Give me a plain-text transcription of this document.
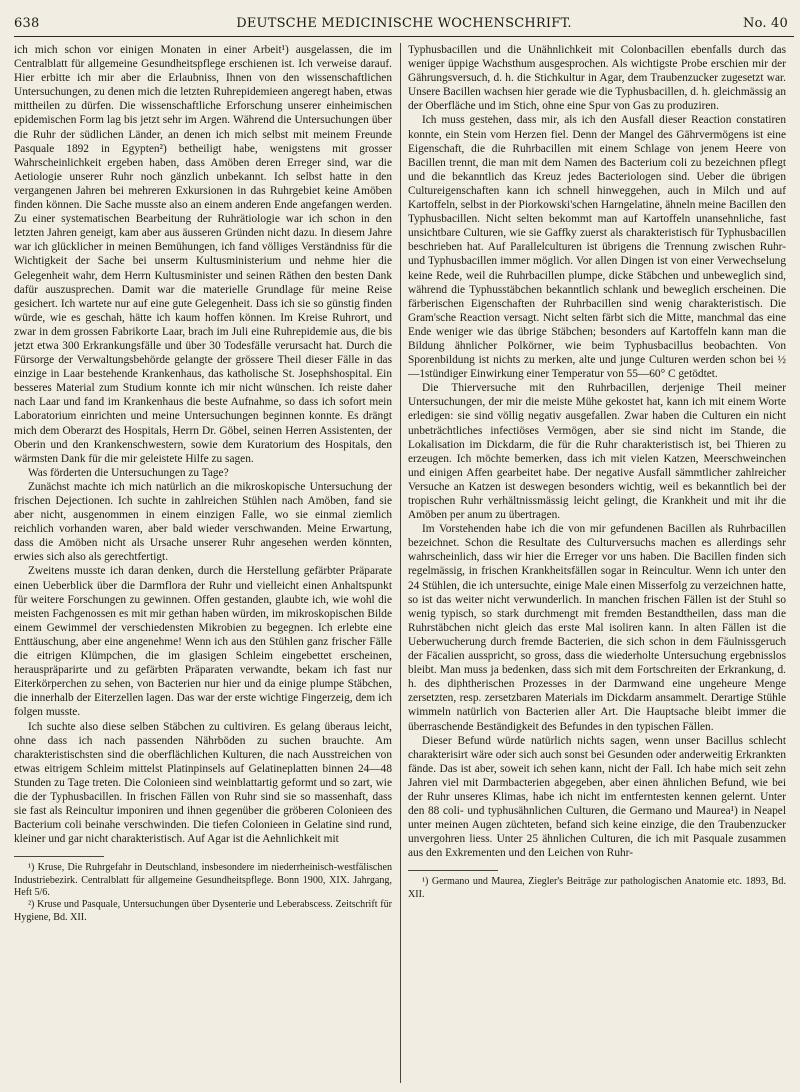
638	DEUTSCHE MEDICINISCHE WOCHENSCHRIFT.	No. 40

ich mich schon vor einigen Monaten in einer Arbeit¹) ausgelassen, die im Centralblatt für allgemeine Gesundheitspflege erschienen ist. Ich verweise darauf. Hier erbitte ich mir aber die Erlaubniss, Ihnen von den wissenschaftlichen Untersuchungen, zu denen mich die letzten Ruhrepidemieen angeregt haben, etwas mittheilen zu dürfen. Die wissenschaftliche Erforschung unserer einheimischen epidemischen Form lag bis jetzt sehr im Argen. Während die Untersuchungen über die Ruhr der südlichen Länder, an denen ich mich selbst mit meinem Freunde Pasquale 1892 in Egypten²) betheiligt habe, wenigstens mit grosser Wahrscheinlichkeit ergeben haben, dass Amöben deren Erreger sind, war die Aetiologie unserer Ruhr noch gänzlich unbekannt. Ich selbst hatte in den vergangenen Jahren bei mehreren Exkursionen in das Ruhrgebiet keine Amöben finden können. Die Sache musste also an einem anderen Ende angefangen werden. Zu einer systematischen Bearbeitung der Ruhrätiologie war ich schon in den letzten Jahren geneigt, kam aber aus äusseren Gründen nicht dazu. In diesem Jahre war ich glücklicher in meinen Bemühungen, ich fand völliges Verständniss für die Wichtigkeit der Sache bei unserm Kultusministerium und nehme hier die Gelegenheit wahr, dem Herrn Kultusminister und seinen Räthen den besten Dank dafür auszusprechen. Damit war die materielle Grundlage für meine Reise gesichert. Ich wartete nur auf eine gute Gelegenheit. Dass ich sie so günstig finden würde, wie es geschah, hätte ich kaum hoffen können. Im Kreise Ruhrort, und zwar in dem grossen Fabrikorte Laar, brach im Juli eine Ruhrepidemie aus, die bis jetzt etwa 300 Erkrankungsfälle und über 30 Todesfälle verursacht hat. Durch die Fürsorge der Verwaltungsbehörde gelangte der grössere Theil dieser Fälle in das einzige in Laar bestehende Krankenhaus, das katholische St. Josephshospital. Ein besseres Material zum Studium konnte ich mir nicht wünschen. Ich reiste daher nach Laar und fand im Krankenhaus die beste Aufnahme, so dass ich sofort mein Laboratorium einrichten und meine Untersuchungen beginnen konnte. Es drängt mich dem Oberarzt des Hospitals, Herrn Dr. Göbel, seinen Herren Assistenten, der Oberin und den Krankenschwestern, sowie dem Kuratorium des Hospitals, den wärmsten Dank für die mir geleistete Hilfe zu sagen.

Was förderten die Untersuchungen zu Tage?

Zunächst machte ich mich natürlich an die mikroskopische Untersuchung der frischen Dejectionen. Ich suchte in zahlreichen Stühlen nach Amöben, fand sie aber nicht, ausgenommen in einem einzigen Falle, wo sie einmal ziemlich reichlich vorhanden waren, aber bald wieder verschwanden. Meine Erwartung, dass die Amöben nicht als Ursache unserer Ruhr angesehen werden könnten, erwies sich also als gerechtfertigt.

Zweitens musste ich daran denken, durch die Herstellung gefärbter Präparate einen Ueberblick über die Darmflora der Ruhr und vielleicht einen Anhaltspunkt für weitere Forschungen zu gewinnen. Offen gestanden, glaubte ich, wie wohl die meisten Fachgenossen es mit mir gethan haben würden, im mikroskopischen Bilde einem Gewimmel der verschiedensten Mikrobien zu begegnen. Ich erlebte eine Enttäuschung, aber eine angenehme! Wenn ich aus den Stühlen ganz frischer Fälle die eitrigen Klümpchen, die im glasigen Schleim eingebettet erscheinen, herauspräparirte und zu gefärbten Präparaten verwandte, bekam ich fast nur Eiterkörperchen zu sehen, von Bacterien nur hier und da einige plumpe Stäbchen, die innerhalb der Eiterzellen lagen. Das war der erste wichtige Fingerzeig, dem ich folgen musste.

Ich suchte also diese selben Stäbchen zu cultiviren. Es gelang überaus leicht, ohne dass ich nach passenden Nährböden zu suchen brauchte. Am charakteristischsten sind die oberflächlichen Kulturen, die nach Ausstreichen von etwas eitrigem Schleim mittelst Platinpinsels auf Gelatineplatten binnen 24—48 Stunden zu Tage treten. Die Colonieen sind weinblattartig geformt und so zart, wie die der Typhusbacillen. In frischen Fällen von Ruhr sind sie so massenhaft, dass sie fast als Reincultur imponiren und ihnen gegenüber die gröberen Colonieen des Bacterium coli beinahe verschwinden. Die tiefen Colonieen in Gelatine sind rund, kleiner und gar nicht charakteristisch. Auf Agar ist die Aehnlichkeit mit

¹) Kruse, Die Ruhrgefahr in Deutschland, insbesondere im niederrheinisch-westfälischen Industriebezirk. Centralblatt für allgemeine Gesundheitspflege. Bonn 1900, XIX. Jahrgang, Heft 5/6.

²) Kruse und Pasquale, Untersuchungen über Dysenterie und Leberabscess. Zeitschrift für Hygiene, Bd. XII.

Typhusbacillen und die Unähnlichkeit mit Colonbacillen ebenfalls durch das weniger üppige Wachsthum ausgesprochen. Als wichtigste Probe erschien mir der Gährungsversuch, d. h. die Stichkultur in Agar, dem Traubenzucker zugesetzt war. Unsere Bacillen wachsen hier gerade wie die Typhusbacillen, d. h. gleichmässig an der Oberfläche und im Stich, ohne eine Spur von Gas zu produziren.

Ich muss gestehen, dass mir, als ich den Ausfall dieser Reaction constatiren konnte, ein Stein vom Herzen fiel. Denn der Mangel des Gährvermögens ist eine Eigenschaft, die die Ruhrbacillen mit einem Schlage von jenem Heere von Bacillen trennt, die man mit dem Namen des Bacterium coli zu bezeichnen pflegt und die bekanntlich das Kreuz jedes Bacteriologen sind. Ueber die übrigen Cultureigenschaften kann ich schnell hinweggehen, auch in Milch und auf Kartoffeln, selbst in der Piorkowski'schen Harngelatine, ähneln meine Bacillen den Typhusbacillen. Nicht selten bekommt man auf Kartoffeln unansehnliche, fast unsichtbare Culturen, wie sie Gaffky zuerst als charakteristisch für Typhusbacillen beschrieben hat. Auf Parallelculturen ist übrigens die Trennung zwischen Ruhr- und Typhusbacillen immer möglich. Vor allen Dingen ist von einer Verwechselung keine Rede, weil die Ruhrbacillen plumpe, dicke Stäbchen und unbeweglich sind, während die Typhusstäbchen bekanntlich schlank und beweglich erscheinen. Die färberischen Eigenschaften der Ruhrbacillen sind wenig charakteristisch. Die Gram'sche Reaction versagt. Nicht selten färbt sich die Mitte, manchmal das eine Ende weniger wie das übrige Stäbchen; besonders auf Kartoffeln kann man die Bildung ähnlicher Polkörner, wie beim Typhusbacillus beobachten. Von Sporenbildung ist nichts zu merken, alte und junge Culturen werden schon bei ½—1stündiger Einwirkung einer Temperatur von 55—60° C getödtet.

Die Thierversuche mit den Ruhrbacillen, derjenige Theil meiner Untersuchungen, der mir die meiste Mühe gekostet hat, kann ich mit einem Worte erledigen: sie sind völlig negativ ausgefallen. Zwar haben die Culturen ein nicht unbeträchtliches infectiöses Vermögen, aber sie sind nicht im Stande, die Lokalisation im Dickdarm, die für die Ruhr charakteristisch ist, bei Thieren zu erzeugen. Ich möchte bemerken, dass ich mit vielen Katzen, Meerschweinchen und einigen Affen gearbeitet habe. Der negative Ausfall sämmtlicher zahlreicher Versuche an Katzen ist deswegen besonders wichtig, weil es bekanntlich bei der tropischen Ruhr verhältnissmässig leicht gelingt, die Krankheit und mit ihr die Amöben per anum zu übertragen.

Im Vorstehenden habe ich die von mir gefundenen Bacillen als Ruhrbacillen bezeichnet. Schon die Resultate des Culturversuchs machen es allerdings sehr wahrscheinlich, dass wir hier die Erreger vor uns haben. Die Bacillen finden sich regelmässig, in frischen Krankheitsfällen sogar in Reincultur. Wenn ich unter den 24 Stühlen, die ich untersuchte, einige Male einen Misserfolg zu verzeichnen hatte, so ist das weiter nicht verwunderlich. In manchen frischen Fällen ist der Stuhl so wenig typisch, so stark durchmengt mit fremden Bestandtheilen, dass man die Ruhrstäbchen nicht gleich das erste Mal isoliren kann. In alten Fällen ist die Ueberwucherung durch fremde Bacterien, die sich schon in dem Fäulnissgeruch der Fäcalien ausspricht, so gross, dass die wiederholte Untersuchung ergebnisslos bleibt. Man muss ja bedenken, dass sich mit dem Fortschreiten der Erkrankung, d. h. des diphtherischen Prozesses in der Darmwand eine ungeheure Menge zersetzten, resp. zersetzbaren Materials im Dickdarm ansammelt. Derartige Stühle wimmeln natürlich von Bacterien aller Art. Die Hauptsache bleibt immer die überraschende Beständigkeit des Befundes in den typischen Fällen.

Dieser Befund würde natürlich nichts sagen, wenn unser Bacillus schlecht charakterisirt wäre oder sich auch sonst bei Gesunden oder anderweitig Erkrankten fände. Das ist aber, soweit ich sehen kann, nicht der Fall. Ich habe mich seit zehn Jahren viel mit Darmbacterien abgegeben, aber einen ähnlichen Befund, wie bei der Ruhr unseres Klimas, habe ich nicht im entferntesten kennen gelernt. Unter den 88 coli- und typhusähnlichen Culturen, die Germano und Maurea¹) in Neapel unter meinen Augen züchteten, befand sich keine einzige, die den Traubenzucker unvergohren liess. Unter 25 ähnlichen Culturen, die ich mit Pasquale zusammen aus den Exkrementen und den Leichen von Ruhr-

¹) Germano und Maurea, Ziegler's Beiträge zur pathologischen Anatomie etc. 1893, Bd. XII.
